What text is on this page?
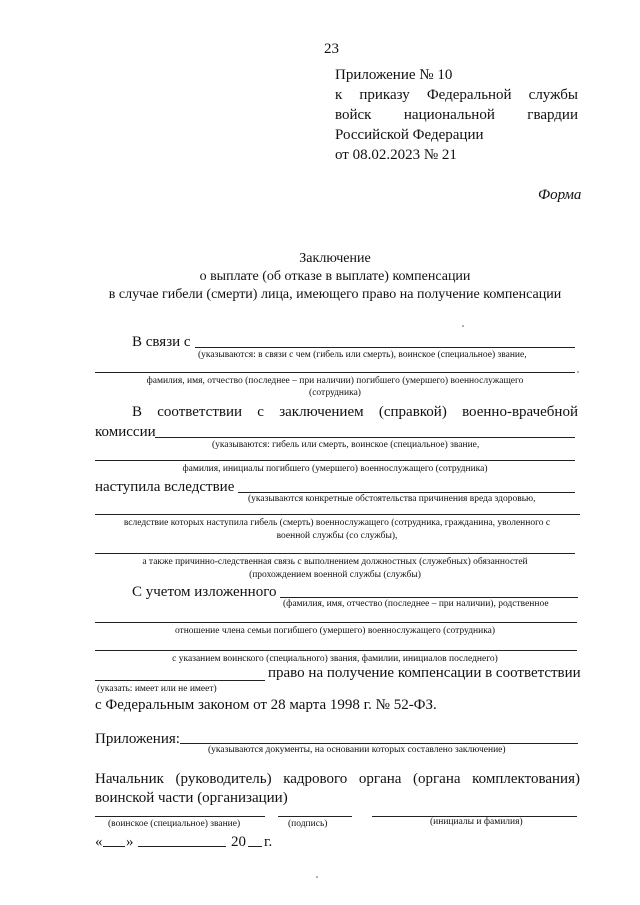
23
Приложение № 10
к приказу Федеральной службы
войск национальной гвардии
Российской Федерации
от 08.02.2023 № 21
Форма
Заключение
о выплате (об отказе в выплате) компенсации
в случае гибели (смерти) лица, имеющего право на получение компенсации
В связи с
(указываются: в связи с чем (гибель или смерть), воинское (специальное) звание,
фамилия, имя, отчество (последнее – при наличии) погибшего (умершего) военнослужащего
(сотрудника)
В соответствии с заключением (справкой) военно-врачебной
комиссии
(указываются: гибель или смерть, воинское (специальное) звание,
фамилия, инициалы погибшего (умершего) военнослужащего (сотрудника)
наступила вследствие
(указываются конкретные обстоятельства причинения вреда здоровью,
вследствие которых наступила гибель (смерть) военнослужащего (сотрудника, гражданина, уволенного с
военной службы (со службы),
а также причинно-следственная связь с выполнением должностных (служебных) обязанностей
(прохождением военной службы (службы)
С учетом изложенного
(фамилия, имя, отчество (последнее – при наличии), родственное
отношение члена семьи погибшего (умершего) военнослужащего (сотрудника)
с указанием воинского (специального) звания, фамилии, инициалов последнего)
право на получение компенсации в соответствии
(указать: имеет или не имеет)
с Федеральным законом от 28 марта 1998 г. № 52-ФЗ.
Приложения:
(указываются документы, на основании которых составлено заключение)
Начальник (руководитель) кадрового органа (органа комплектования)
воинской части (организации)
(воинское (специальное) звание)	(подпись)	(инициалы и фамилия)
« »	20 г.
